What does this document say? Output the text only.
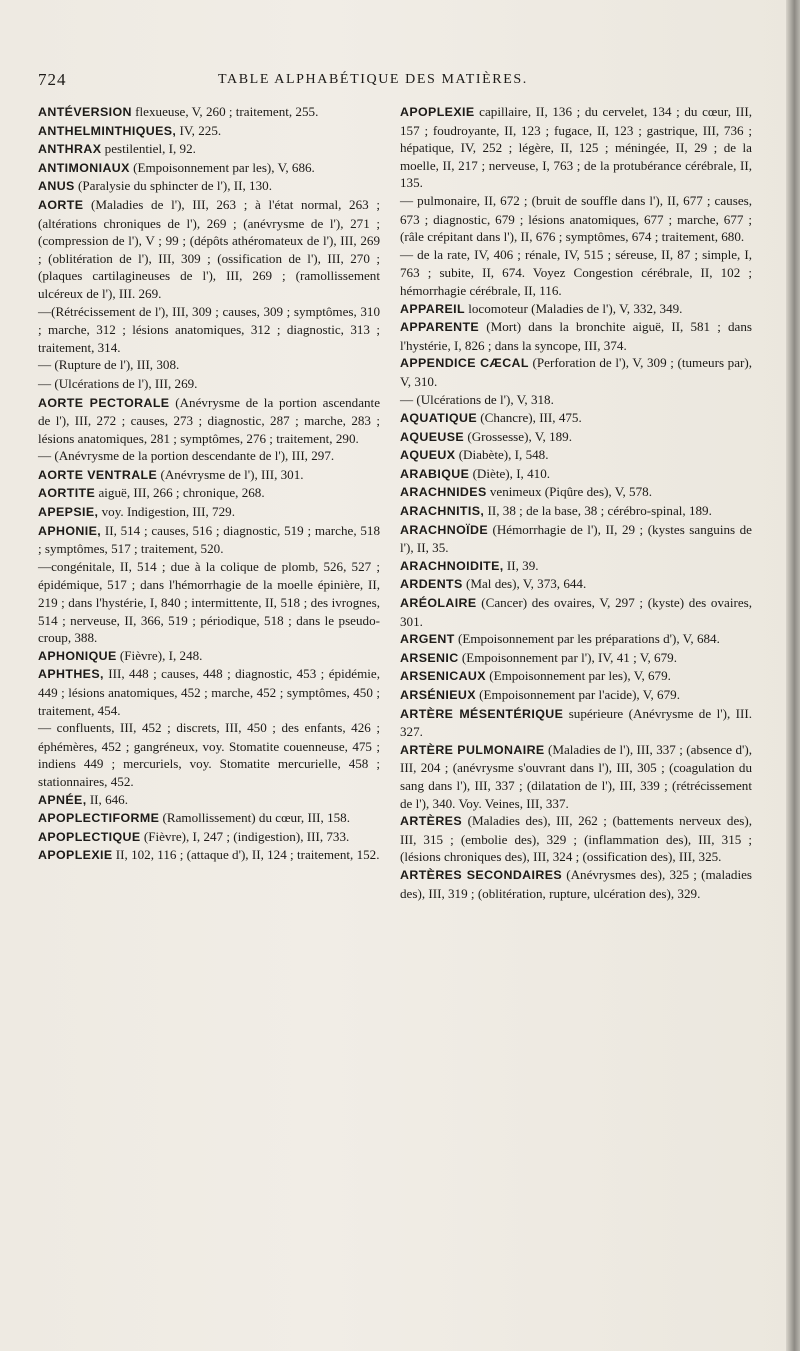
724	TABLE ALPHABÉTIQUE DES MATIÈRES.

ANTÉVERSION flexueuse, V, 260 ; traitement, 255.

ANTHELMINTHIQUES, IV, 225.

ANTHRAX pestilentiel, I, 92.

ANTIMONIAUX (Empoisonnement par les), V, 686.

ANUS (Paralysie du sphincter de l'), II, 130.

AORTE (Maladies de l'), III, 263 ; à l'état normal, 263 ; (altérations chroniques de l'), 269 ; (anévrysme de l'), 271 ; (compression de l'), V ; 99 ; (dépôts athéromateux de l'), III, 269 ; (oblitération de l'), III, 309 ; (ossification de l'), III, 270 ; (plaques cartilagineuses de l'), III, 269 ; (ramollissement ulcéreux de l'), III. 269.

—(Rétrécissement de l'), III, 309 ; causes, 309 ; symptômes, 310 ; marche, 312 ; lésions anatomiques, 312 ; diagnostic, 313 ; traitement, 314.

— (Rupture de l'), III, 308.

— (Ulcérations de l'), III, 269.

AORTE PECTORALE (Anévrysme de la portion ascendante de l'), III, 272 ; causes, 273 ; diagnostic, 287 ; marche, 283 ; lésions anatomiques, 281 ; symptômes, 276 ; traitement, 290.

— (Anévrysme de la portion descendante de l'), III, 297.

AORTE VENTRALE (Anévrysme de l'), III, 301.

AORTITE aiguë, III, 266 ; chronique, 268.

APEPSIE, voy. Indigestion, III, 729.

APHONIE, II, 514 ; causes, 516 ; diagnostic, 519 ; marche, 518 ; symptômes, 517 ; traitement, 520.

—congénitale, II, 514 ; due à la colique de plomb, 526, 527 ; épidémique, 517 ; dans l'hémorrhagie de la moelle épinière, II, 219 ; dans l'hystérie, I, 840 ; intermittente, II, 518 ; des ivrognes, 514 ; nerveuse, II, 366, 519 ; périodique, 518 ; dans le pseudo-croup, 388.

APHONIQUE (Fièvre), I, 248.

APHTHES, III, 448 ; causes, 448 ; diagnostic, 453 ; épidémie, 449 ; lésions anatomiques, 452 ; marche, 452 ; symptômes, 450 ; traitement, 454.

— confluents, III, 452 ; discrets, III, 450 ; des enfants, 426 ; éphémères, 452 ; gangréneux, voy. Stomatite couenneuse, 475 ; indiens 449 ; mercuriels, voy. Stomatite mercurielle, 458 ; stationnaires, 452.

APNÉE, II, 646.

APOPLECTIFORME (Ramollissement) du cœur, III, 158.

APOPLECTIQUE (Fièvre), I, 247 ; (indigestion), III, 733.

APOPLEXIE II, 102, 116 ; (attaque d'), II, 124 ; traitement, 152.

APOPLEXIE capillaire, II, 136 ; du cervelet, 134 ; du cœur, III, 157 ; foudroyante, II, 123 ; fugace, II, 123 ; gastrique, III, 736 ; hépatique, IV, 252 ; légère, II, 125 ; méningée, II, 29 ; de la moelle, II, 217 ; nerveuse, I, 763 ; de la protubérance cérébrale, II, 135.

— pulmonaire, II, 672 ; (bruit de souffle dans l'), II, 677 ; causes, 673 ; diagnostic, 679 ; lésions anatomiques, 677 ; marche, 677 ; (râle crépitant dans l'), II, 676 ; symptômes, 674 ; traitement, 680.

— de la rate, IV, 406 ; rénale, IV, 515 ; séreuse, II, 87 ; simple, I, 763 ; subite, II, 674. Voyez Congestion cérébrale, II, 102 ; hémorrhagie cérébrale, II, 116.

APPAREIL locomoteur (Maladies de l'), V, 332, 349.

APPARENTE (Mort) dans la bronchite aiguë, II, 581 ; dans l'hystérie, I, 826 ; dans la syncope, III, 374.

APPENDICE CÆCAL (Perforation de l'), V, 309 ; (tumeurs par), V, 310.

— (Ulcérations de l'), V, 318.

AQUATIQUE (Chancre), III, 475.

AQUEUSE (Grossesse), V, 189.

AQUEUX (Diabète), I, 548.

ARABIQUE (Diète), I, 410.

ARACHNIDES venimeux (Piqûre des), V, 578.

ARACHNITIS, II, 38 ; de la base, 38 ; cérébro-spinal, 189.

ARACHNOÏDE (Hémorrhagie de l'), II, 29 ; (kystes sanguins de l'), II, 35.

ARACHNOIDITE, II, 39.

ARDENTS (Mal des), V, 373, 644.

ARÉOLAIRE (Cancer) des ovaires, V, 297 ; (kyste) des ovaires, 301.

ARGENT (Empoisonnement par les préparations d'), V, 684.

ARSENIC (Empoisonnement par l'), IV, 41 ; V, 679.

ARSENICAUX (Empoisonnement par les), V, 679.

ARSÉNIEUX (Empoisonnement par l'acide), V, 679.

ARTÈRE MÉSENTÉRIQUE supérieure (Anévrysme de l'), III. 327.

ARTÈRE PULMONAIRE (Maladies de l'), III, 337 ; (absence d'), III, 204 ; (anévrysme s'ouvrant dans l'), III, 305 ; (coagulation du sang dans l'), III, 337 ; (dilatation de l'), III, 339 ; (rétrécissement de l'), 340. Voy. Veines, III, 337.

ARTÈRES (Maladies des), III, 262 ; (battements nerveux des), III, 315 ; (embolie des), 329 ; (inflammation des), III, 315 ; (lésions chroniques des), III, 324 ; (ossification des), III, 325.

ARTÈRES SECONDAIRES (Anévrysmes des), 325 ; (maladies des), III, 319 ; (oblitération, rupture, ulcération des), 329.
